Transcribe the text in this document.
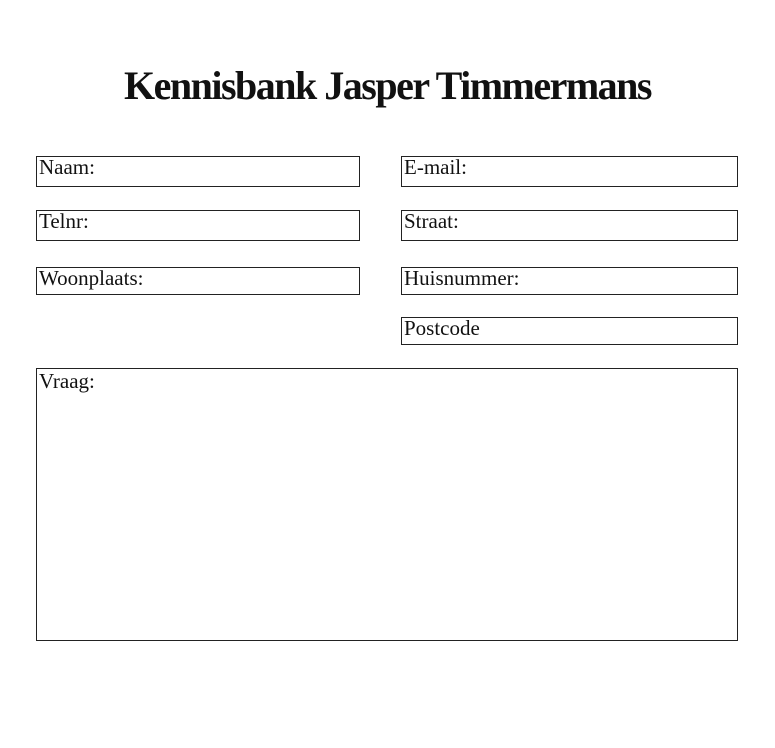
Kennisbank Jasper Timmermans
Naam:	E-mail:
Telnr:	Straat:
Woonplaats:	Huisnummer:
Postcode
Vraag:
